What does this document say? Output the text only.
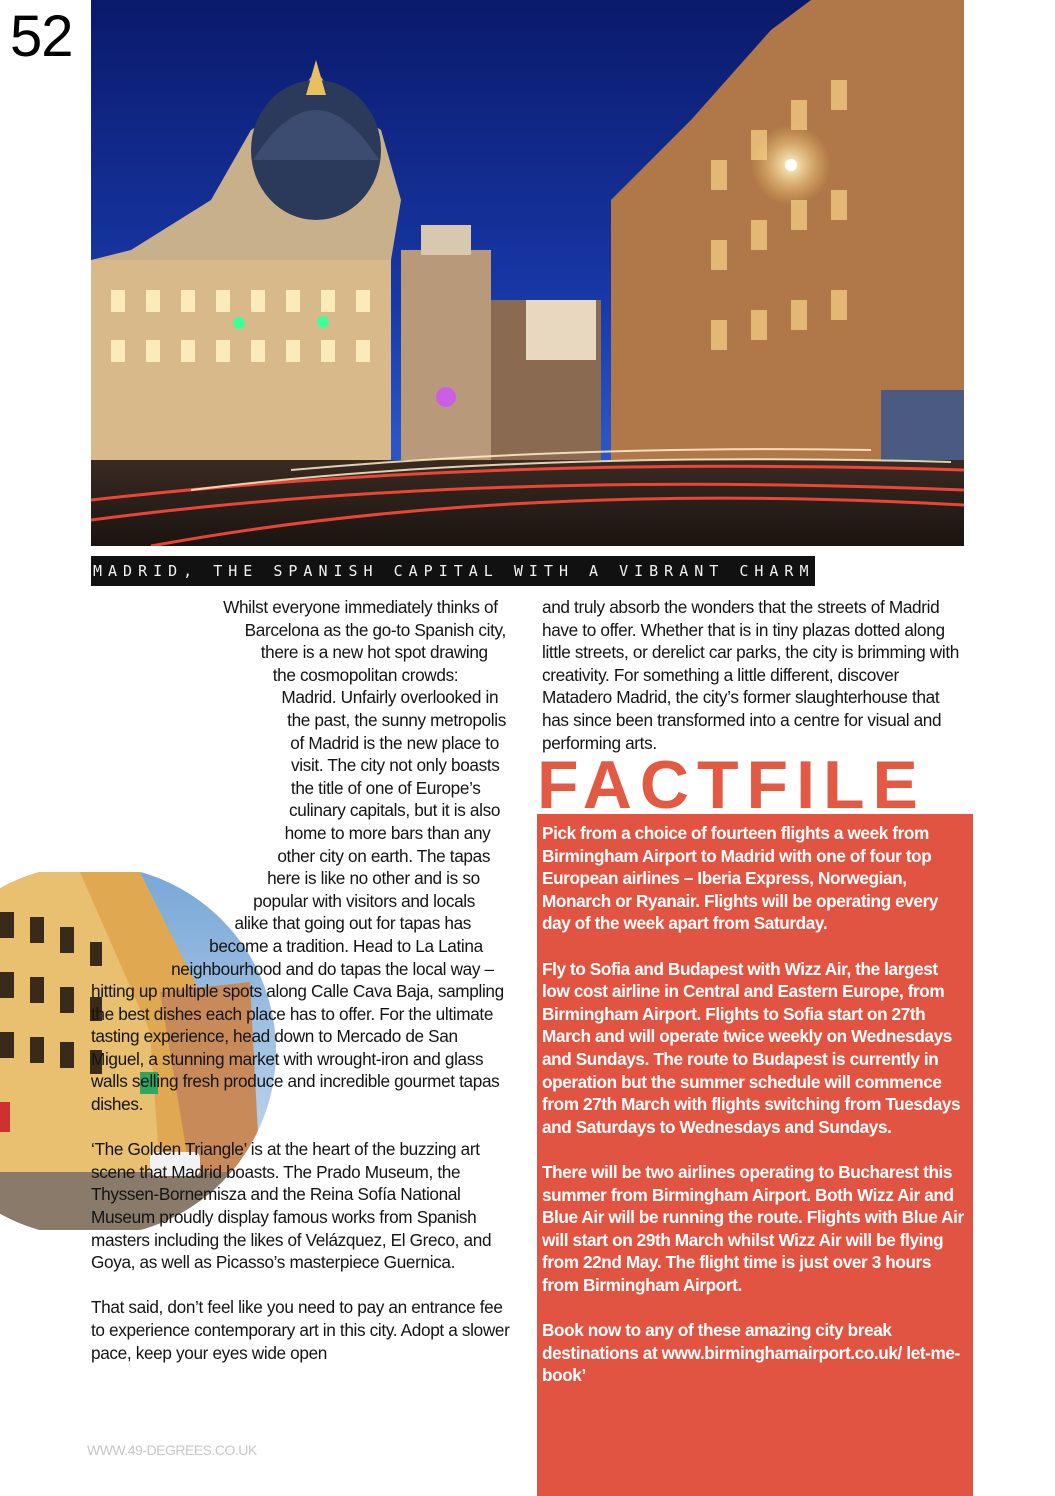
52
MADRID, THE SPANISH CAPITAL WITH A VIBRANT CHARM

Whilst everyone immediately thinks of Barcelona as the go-to Spanish city, there is a new hot spot drawing the cosmopolitan crowds: Madrid. Unfairly overlooked in the past, the sunny metropolis of Madrid is the new place to visit. The city not only boasts the title of one of Europe’s culinary capitals, but it is also home to more bars than any other city on earth. The tapas here is like no other and is so popular with visitors and locals alike that going out for tapas has become a tradition. Head to La Latina neighbourhood and do tapas the local way – hitting up multiple spots along Calle Cava Baja, sampling the best dishes each place has to offer. For the ultimate tasting experience, head down to Mercado de San Miguel, a stunning market with wrought-iron and glass walls selling fresh produce and incredible gourmet tapas dishes.

‘The Golden Triangle’ is at the heart of the buzzing art scene that Madrid boasts. The Prado Museum, the Thyssen-Bornemisza and the Reina Sofía National Museum proudly display famous works from Spanish masters including the likes of Velázquez, El Greco, and Goya, as well as Picasso’s masterpiece Guernica.

That said, don’t feel like you need to pay an entrance fee to experience contemporary art in this city. Adopt a slower pace, keep your eyes wide open

and truly absorb the wonders that the streets of Madrid have to offer. Whether that is in tiny plazas dotted along little streets, or derelict car parks, the city is brimming with creativity. For something a little different, discover Matadero Madrid, the city’s former slaughterhouse that has since been transformed into a centre for visual and performing arts.

FACTFILE

Pick from a choice of fourteen flights a week from Birmingham Airport to Madrid with one of four top European airlines – Iberia Express, Norwegian, Monarch or Ryanair. Flights will be operating every day of the week apart from Saturday.

Fly to Sofia and Budapest with Wizz Air, the largest low cost airline in Central and Eastern Europe, from Birmingham Airport. Flights to Sofia start on 27th March and will operate twice weekly on Wednesdays and Sundays. The route to Budapest is currently in operation but the summer schedule will commence from 27th March with flights switching from Tuesdays and Saturdays to Wednesdays and Sundays.

There will be two airlines operating to Bucharest this summer from Birmingham Airport. Both Wizz Air and Blue Air will be running the route. Flights with Blue Air will start on 29th March whilst Wizz Air will be flying from 22nd May. The flight time is just over 3 hours from Birmingham Airport.

Book now to any of these amazing city break destinations at www.birminghamairport.co.uk/ let-me-book’

WWW.49-DEGREES.CO.UK
